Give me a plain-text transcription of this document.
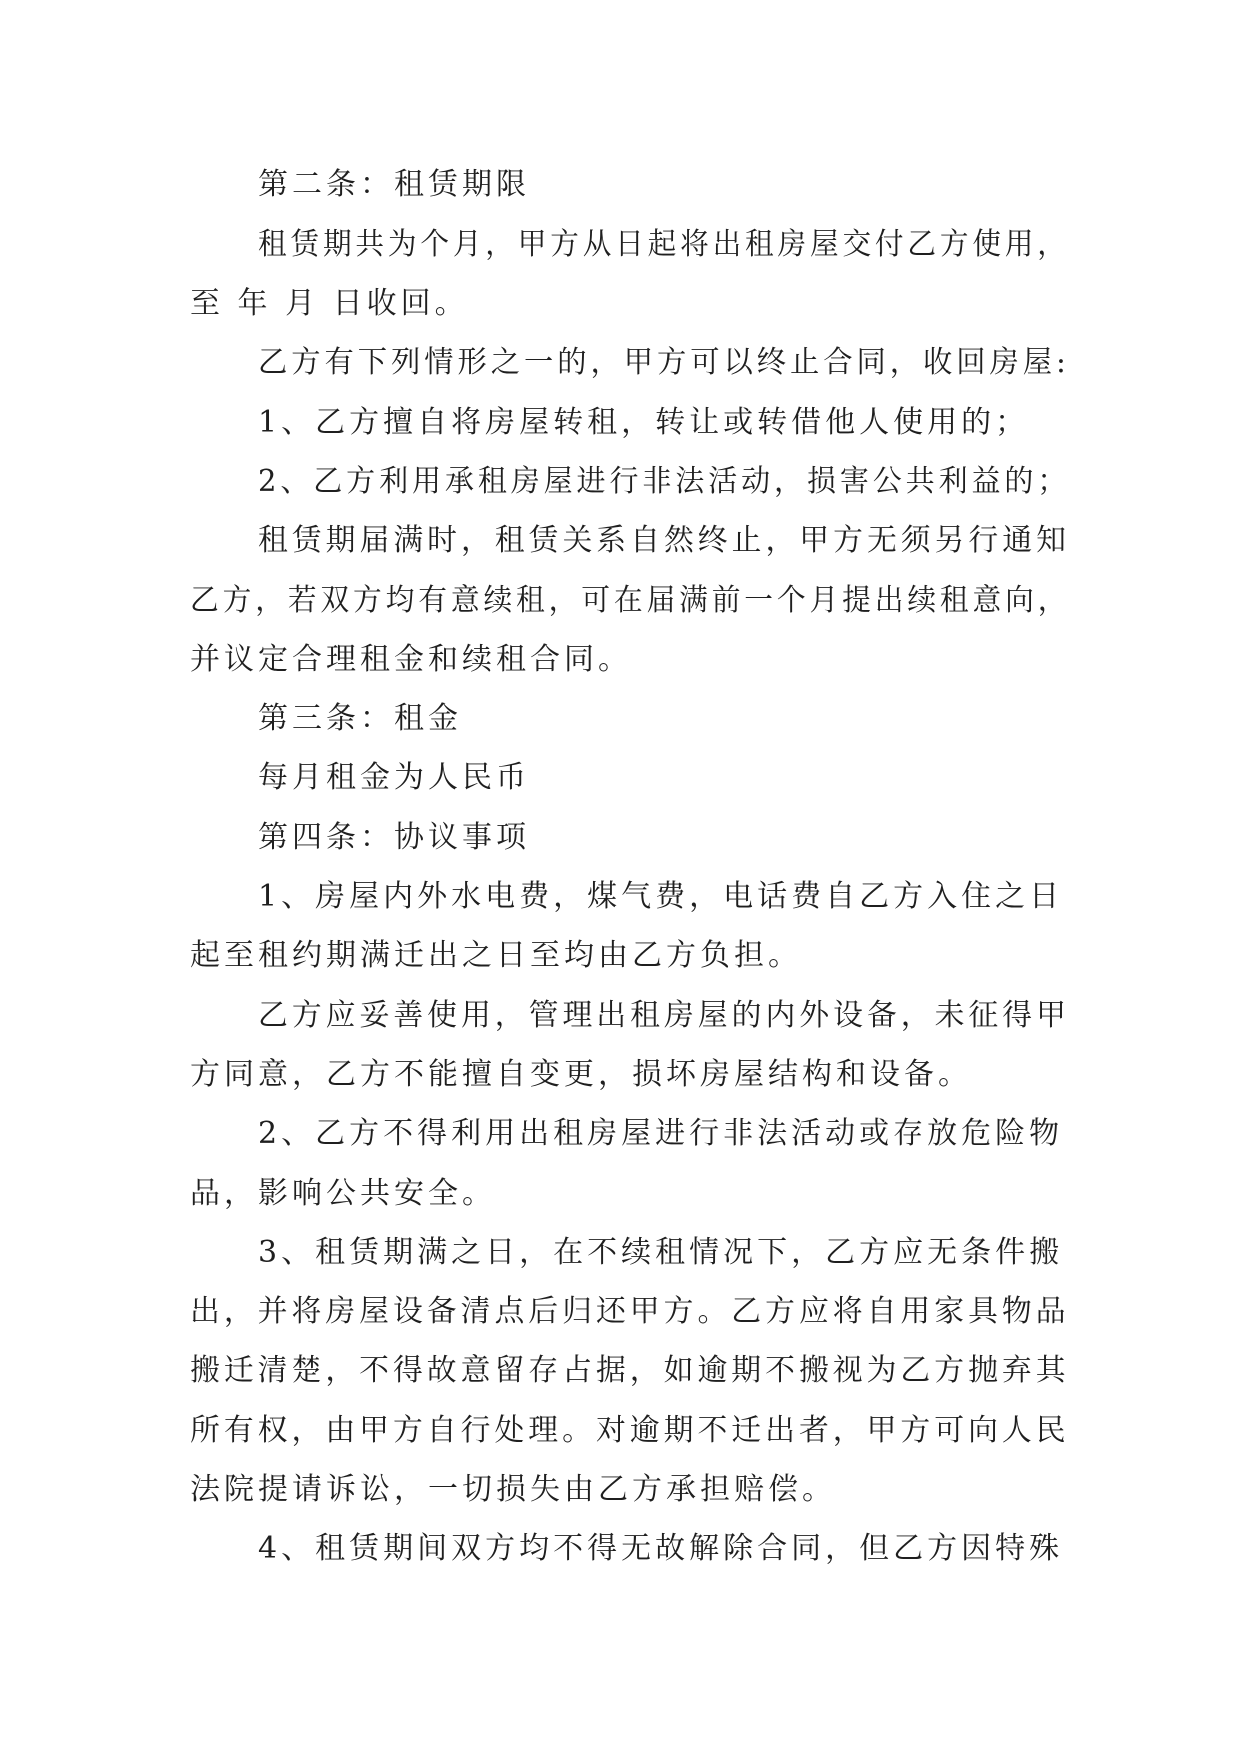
第二条：租赁期限
租赁期共为个月，甲方从日起将出租房屋交付乙方使用，
至 年 月 日收回。
乙方有下列情形之一的，甲方可以终止合同，收回房屋:
1、乙方擅自将房屋转租，转让或转借他人使用的；
2、乙方利用承租房屋进行非法活动，损害公共利益的；
租赁期届满时，租赁关系自然终止，甲方无须另行通知
乙方，若双方均有意续租，可在届满前一个月提出续租意向，
并议定合理租金和续租合同。
第三条：租金
每月租金为人民币
第四条：协议事项
1、房屋内外水电费，煤气费，电话费自乙方入住之日
起至租约期满迁出之日至均由乙方负担。
乙方应妥善使用，管理出租房屋的内外设备，未征得甲
方同意，乙方不能擅自变更，损坏房屋结构和设备。
2、乙方不得利用出租房屋进行非法活动或存放危险物
品，影响公共安全。
3、租赁期满之日，在不续租情况下，乙方应无条件搬
出，并将房屋设备清点后归还甲方。乙方应将自用家具物品
搬迁清楚，不得故意留存占据，如逾期不搬视为乙方抛弃其
所有权，由甲方自行处理。对逾期不迁出者，甲方可向人民
法院提请诉讼，一切损失由乙方承担赔偿。
4、租赁期间双方均不得无故解除合同，但乙方因特殊
